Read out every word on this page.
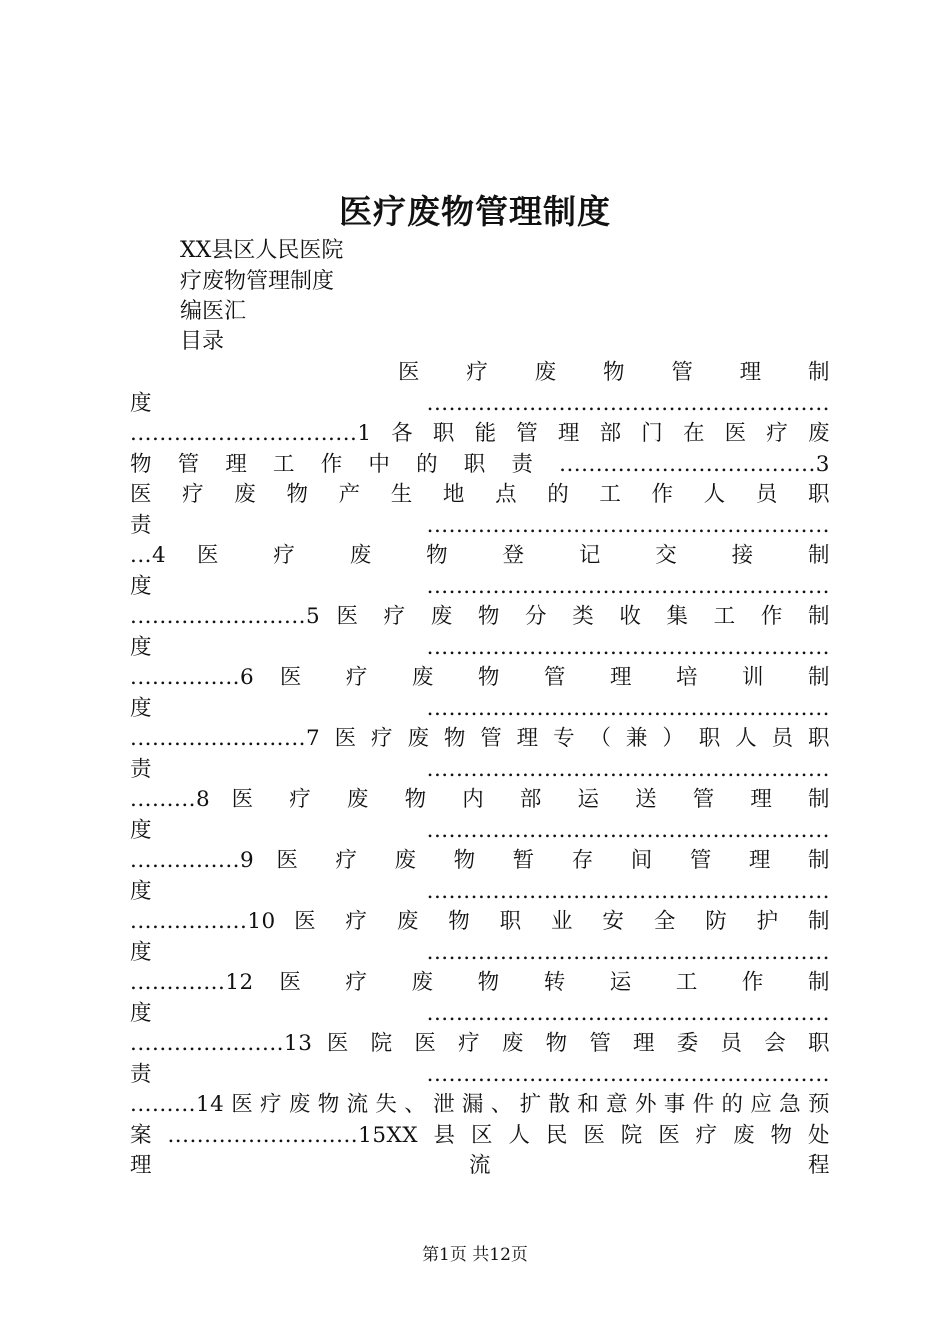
医疗废物管理制度
XX县区人民医院
疗废物管理制度
编医汇
目录
医 疗 废 物 管 理 制
度.......................................................
...............................1各职能管理部门在医疗废
物管理工作中的职责...................................3
医 疗 废 物 产 生 地 点 的 工 作 人 员 职
责.......................................................
...4 医 疗 废 物 登 记 交 接 制
度.......................................................
........................5 医 疗 废 物 分 类 收 集 工 作 制
度.......................................................
...............6 医 疗 废 物 管 理 培 训 制
度.......................................................
........................7医疗废物管理专（兼）职人员职
责.......................................................
.........8 医 疗 废 物 内 部 运 送 管 理 制
度.......................................................
...............9 医 疗 废 物 暂 存 间 管 理 制
度.......................................................
................10 医 疗 废 物 职 业 安 全 防 护 制
度.......................................................
.............12 医 疗 废 物 转 运 工 作 制
度.......................................................
.....................13 医 院 医 疗 废 物 管 理 委 员 会 职
责.......................................................
.........14医疗废物流失、泄漏、扩散和意外事件的应急预
案..........................15XX县区人民医院医疗废物处
理 流 程
第1页 共12页
